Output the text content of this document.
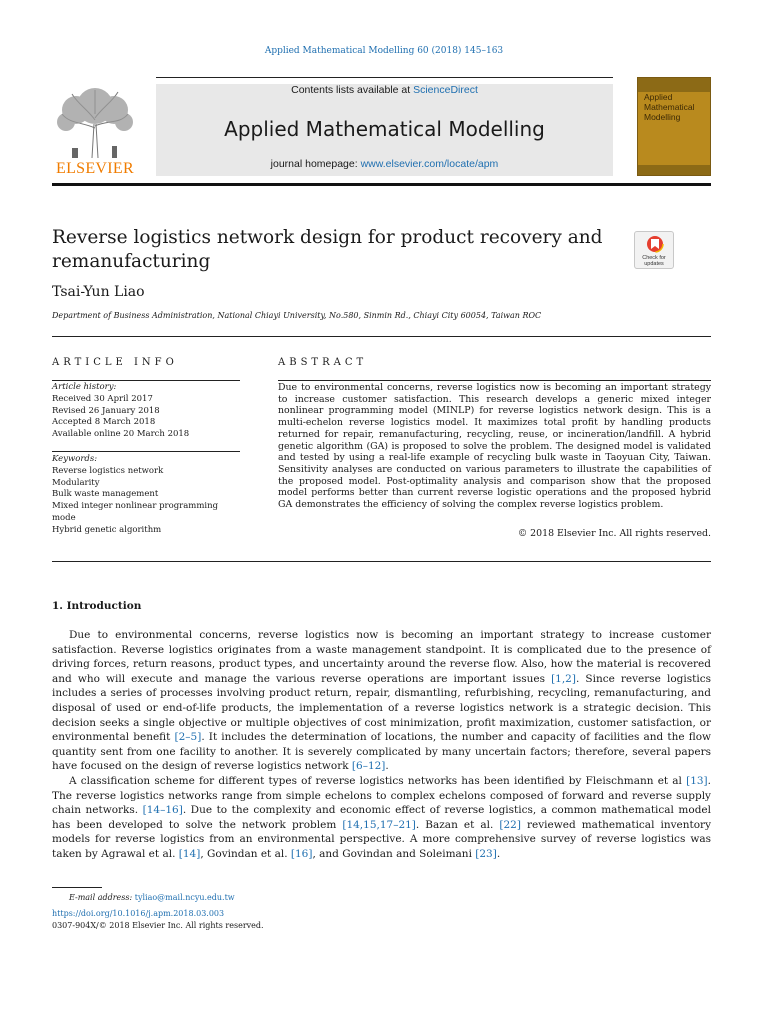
Applied Mathematical Modelling 60 (2018) 145–163
ELSEVIER
Contents lists available at ScienceDirect
Applied Mathematical Modelling
journal homepage: www.elsevier.com/locate/apm
Applied
Mathematical
Modelling
Reverse logistics network design for product recovery and remanufacturing	Check for updates
Tsai-Yun Liao
Department of Business Administration, National Chiayi University, No.580, Sinmin Rd., Chiayi City 60054, Taiwan ROC
ARTICLE INFO	ABSTRACT
Article history:
Received 30 April 2017
Revised 26 January 2018
Accepted 8 March 2018
Available online 20 March 2018
Keywords:
Reverse logistics network
Modularity
Bulk waste management
Mixed integer nonlinear programming mode
Hybrid genetic algorithm
Due to environmental concerns, reverse logistics now is becoming an important strategy to increase customer satisfaction. This research develops a generic mixed integer nonlinear programming model (MINLP) for reverse logistics network design. This is a multi-echelon reverse logistics model. It maximizes total profit by handling products returned for repair, remanufacturing, recycling, reuse, or incineration/landfill. A hybrid genetic algorithm (GA) is proposed to solve the problem. The designed model is validated and tested by using a real-life example of recycling bulk waste in Taoyuan City, Taiwan. Sensitivity analyses are conducted on various parameters to illustrate the capabilities of the proposed model. Post-optimality analysis and comparison show that the proposed model performs better than current reverse logistic operations and the proposed hybrid GA demonstrates the efficiency of solving the complex reverse logistics problem.
© 2018 Elsevier Inc. All rights reserved.
1. Introduction

Due to environmental concerns, reverse logistics now is becoming an important strategy to increase customer satisfaction. Reverse logistics originates from a waste management standpoint. It is complicated due to the presence of driving forces, return reasons, product types, and uncertainty around the reverse flow. Also, how the material is recovered and who will execute and manage the various reverse operations are important issues [1,2]. Since reverse logistics includes a series of processes involving product return, repair, dismantling, refurbishing, recycling, remanufacturing, and disposal of used or end-of-life products, the implementation of a reverse logistics network is a strategic decision. This decision seeks a single objective or multiple objectives of cost minimization, profit maximization, customer satisfaction, or environmental benefit [2–5]. It includes the determination of locations, the number and capacity of facilities and the flow quantity sent from one facility to another. It is severely complicated by many uncertain factors; therefore, several papers have focused on the design of reverse logistics network [6–12].

A classification scheme for different types of reverse logistics networks has been identified by Fleischmann et al [13]. The reverse logistics networks range from simple echelons to complex echelons composed of forward and reverse supply chain networks. [14–16]. Due to the complexity and economic effect of reverse logistics, a common mathematical model has been developed to solve the network problem [14,15,17–21]. Bazan et al. [22] reviewed mathematical inventory models for reverse logistics from an environmental perspective. A more comprehensive survey of reverse logistics was taken by Agrawal et al. [14], Govindan et al. [16], and Govindan and Soleimani [23].

E-mail address: tyliao@mail.ncyu.edu.tw
https://doi.org/10.1016/j.apm.2018.03.003
0307-904X/© 2018 Elsevier Inc. All rights reserved.
